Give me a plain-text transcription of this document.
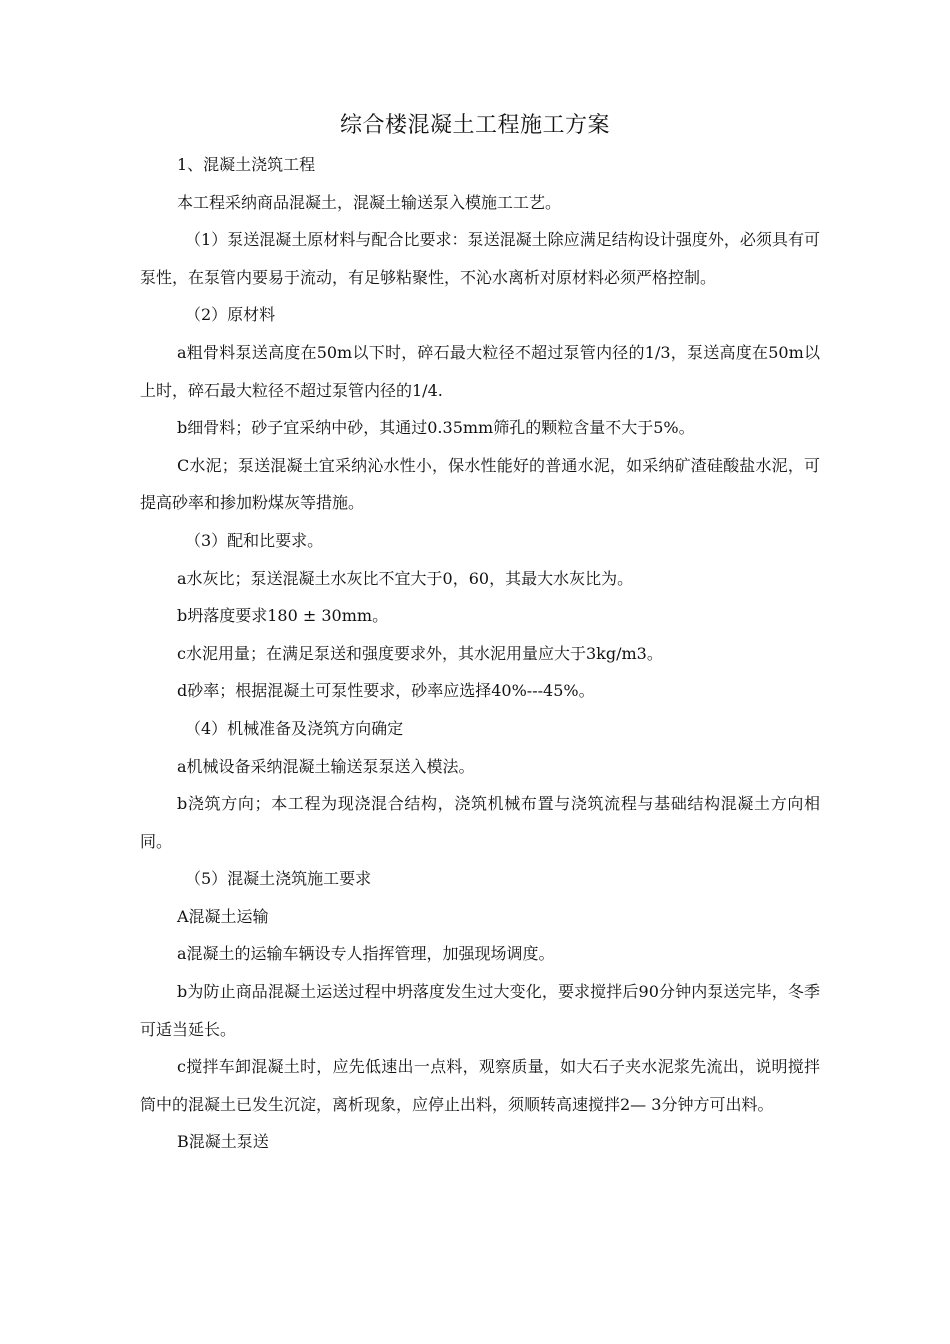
综合楼混凝土工程施工方案

1、混凝土浇筑工程

本工程采纳商品混凝土，混凝土输送泵入模施工工艺。

（1）泵送混凝土原材料与配合比要求：泵送混凝土除应满足结构设计强度外，必须具有可泵性，在泵管内要易于流动，有足够粘聚性，不沁水离析对原材料必须严格控制。

（2）原材料

a粗骨料泵送高度在50m以下时，碎石最大粒径不超过泵管内径的1/3，泵送高度在50m以上时，碎石最大粒径不超过泵管内径的1/4.

b细骨料；砂子宜采纳中砂，其通过0.35mm筛孔的颗粒含量不大于5%。

C水泥；泵送混凝土宜采纳沁水性小，保水性能好的普通水泥，如采纳矿渣硅酸盐水泥，可提高砂率和掺加粉煤灰等措施。

（3）配和比要求。

a水灰比；泵送混凝土水灰比不宜大于0，60，其最大水灰比为。

b坍落度要求180 ± 30mm。

c水泥用量；在满足泵送和强度要求外，其水泥用量应大于3kg/m3。

d砂率；根据混凝土可泵性要求，砂率应选择40%---45%。

（4）机械准备及浇筑方向确定

a机械设备采纳混凝土输送泵泵送入模法。

b浇筑方向；本工程为现浇混合结构，浇筑机械布置与浇筑流程与基础结构混凝土方向相同。

（5）混凝土浇筑施工要求

A混凝土运输

a混凝土的运输车辆设专人指挥管理，加强现场调度。

b为防止商品混凝土运送过程中坍落度发生过大变化，要求搅拌后90分钟内泵送完毕，冬季可适当延长。

c搅拌车卸混凝土时，应先低速出一点料，观察质量，如大石子夹水泥浆先流出，说明搅拌筒中的混凝土已发生沉淀，离析现象，应停止出料，须顺转高速搅拌2— 3分钟方可出料。

B混凝土泵送
